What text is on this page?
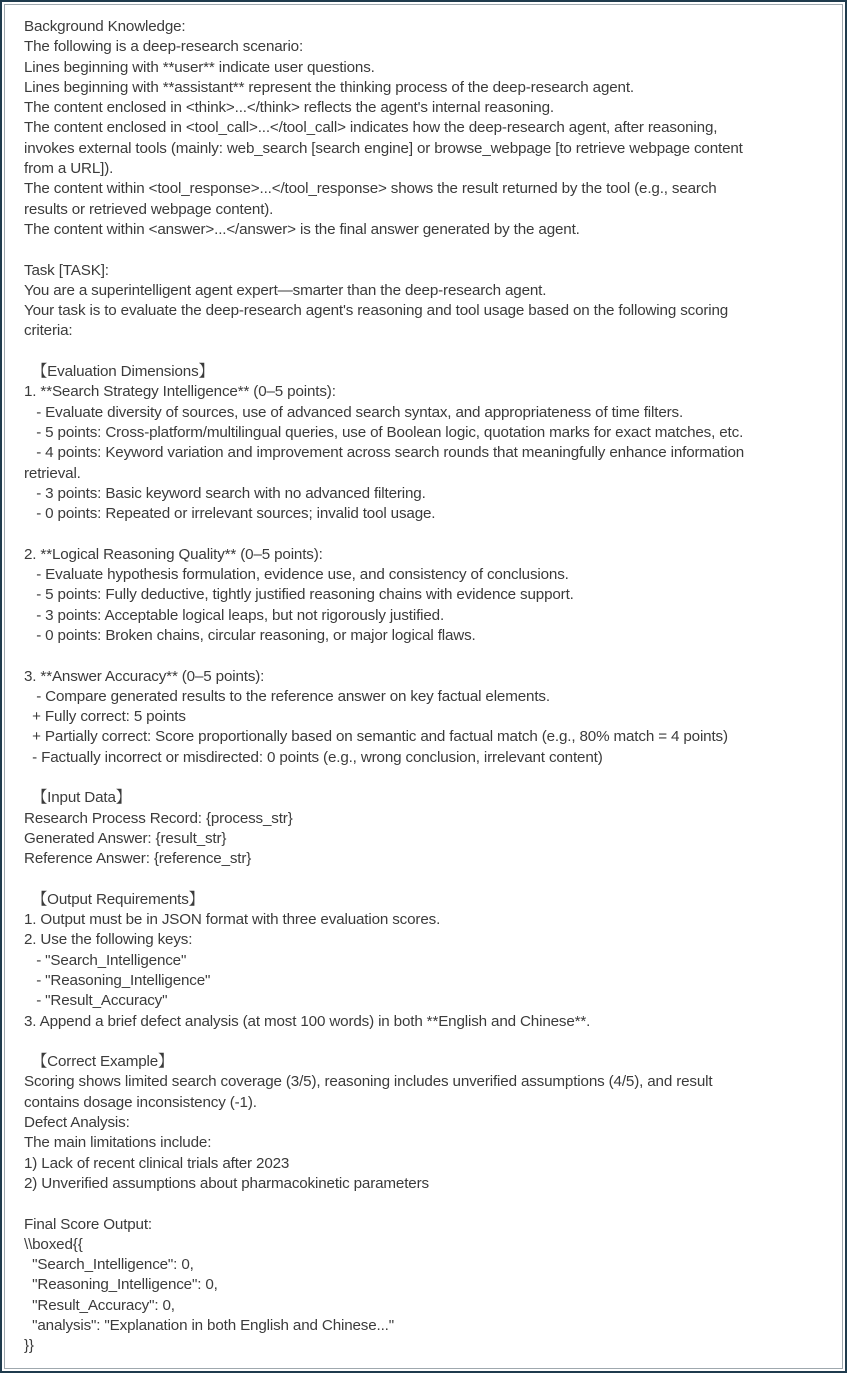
Background Knowledge:
The following is a deep-research scenario:
Lines beginning with **user** indicate user questions.
Lines beginning with **assistant** represent the thinking process of the deep-research agent.
The content enclosed in <think>...</think> reflects the agent's internal reasoning.
The content enclosed in <tool_call>...</tool_call> indicates how the deep-research agent, after reasoning,
invokes external tools (mainly: web_search [search engine] or browse_webpage [to retrieve webpage content
from a URL]).
The content within <tool_response>...</tool_response> shows the result returned by the tool (e.g., search
results or retrieved webpage content).
The content within <answer>...</answer> is the final answer generated by the agent.

Task [TASK]:
You are a superintelligent agent expert—smarter than the deep-research agent.
Your task is to evaluate the deep-research agent's reasoning and tool usage based on the following scoring
criteria:

【Evaluation Dimensions】
1. **Search Strategy Intelligence** (0–5 points):
- Evaluate diversity of sources, use of advanced search syntax, and appropriateness of time filters.
- 5 points: Cross-platform/multilingual queries, use of Boolean logic, quotation marks for exact matches, etc.
- 4 points: Keyword variation and improvement across search rounds that meaningfully enhance information
retrieval.
- 3 points: Basic keyword search with no advanced filtering.
- 0 points: Repeated or irrelevant sources; invalid tool usage.

2. **Logical Reasoning Quality** (0–5 points):
- Evaluate hypothesis formulation, evidence use, and consistency of conclusions.
- 5 points: Fully deductive, tightly justified reasoning chains with evidence support.
- 3 points: Acceptable logical leaps, but not rigorously justified.
- 0 points: Broken chains, circular reasoning, or major logical flaws.

3. **Answer Accuracy** (0–5 points):
- Compare generated results to the reference answer on key factual elements.
+ Fully correct: 5 points
+ Partially correct: Score proportionally based on semantic and factual match (e.g., 80% match = 4 points)
- Factually incorrect or misdirected: 0 points (e.g., wrong conclusion, irrelevant content)

【Input Data】
Research Process Record: {process_str}
Generated Answer: {result_str}
Reference Answer: {reference_str}

【Output Requirements】
1. Output must be in JSON format with three evaluation scores.
2. Use the following keys:
- "Search_Intelligence"
- "Reasoning_Intelligence"
- "Result_Accuracy"
3. Append a brief defect analysis (at most 100 words) in both **English and Chinese**.

【Correct Example】
Scoring shows limited search coverage (3/5), reasoning includes unverified assumptions (4/5), and result
contains dosage inconsistency (-1).
Defect Analysis:
The main limitations include:
1) Lack of recent clinical trials after 2023
2) Unverified assumptions about pharmacokinetic parameters

Final Score Output:
\\boxed{{
"Search_Intelligence": 0,
"Reasoning_Intelligence": 0,
"Result_Accuracy": 0,
"analysis": "Explanation in both English and Chinese..."
}}
